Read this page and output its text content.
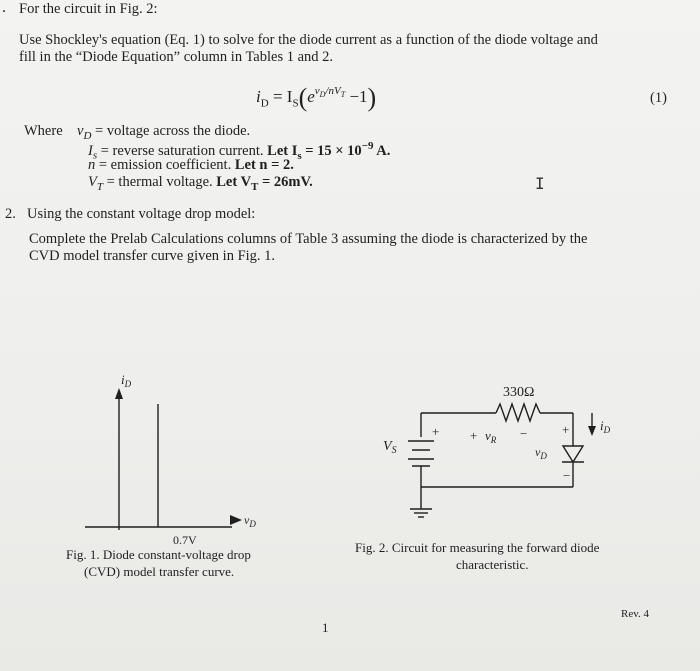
. For the circuit in Fig. 2:
Use Shockley's equation (Eq. 1) to solve for the diode current as a function of the diode voltage and
fill in the “Diode Equation” column in Tables 1 and 2.
$i_D = I_S(e^{v_D/nV_T} -1)$	(1)
Where $v_D$ = voltage across the diode.
$I_s$ = reverse saturation current. Let $I_s = 15 \times 10^{-9}$ A.
n = emission coefficient. Let n = 2.
$V_T$ = thermal voltage. Let $V_T = 26mV$.	I
2. Using the constant voltage drop model:
Complete the Prelab Calculations columns of Table 3 assuming the diode is characterized by the
CVD model transfer curve given in Fig. 1.
$i_D$
$v_D$
0.7V
330Ω
+ $v_R$ −
$V_S$
+	+
−
$v_D$
$i_D$
Fig. 1. Diode constant-voltage drop
(CVD) model transfer curve.
Fig. 2. Circuit for measuring the forward diode
characteristic.
1
Rev. 4
